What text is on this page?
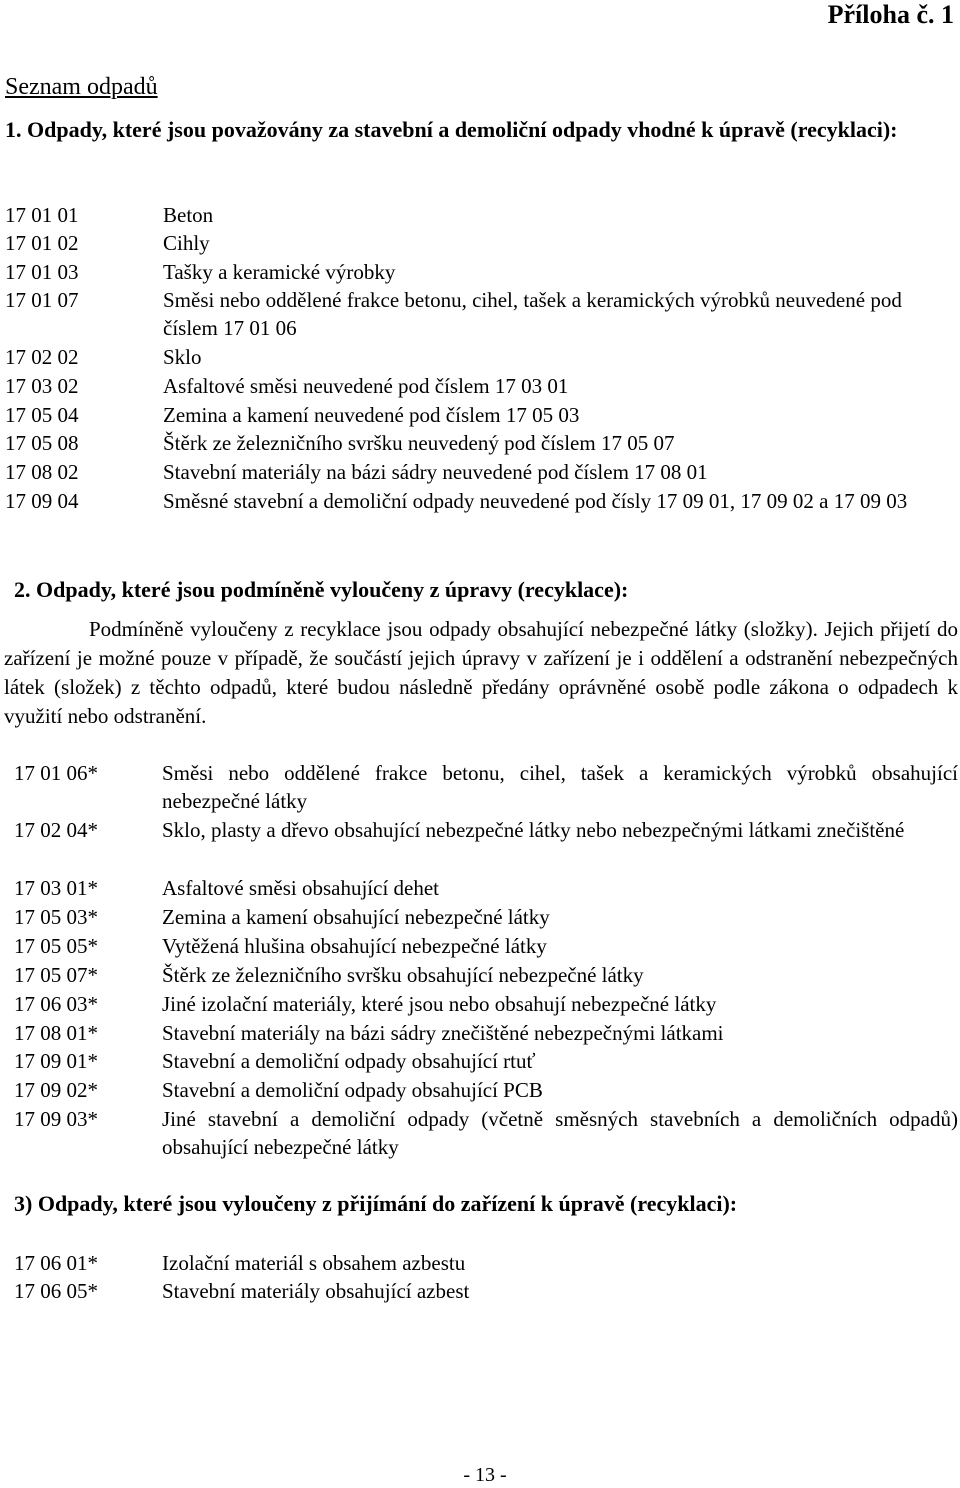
Příloha č. 1
Seznam odpadů
1. Odpady, které jsou považovány za stavební a demoliční odpady vhodné k úpravě (recyklaci):
17 01 01	Beton
17 01 02	Cihly
17 01 03	Tašky a keramické výrobky
17 01 07	Směsi nebo oddělené frakce betonu, cihel, tašek a keramických výrobků neuvedené pod číslem 17 01 06
17 02 02	Sklo
17 03 02	Asfaltové směsi neuvedené pod číslem 17 03 01
17 05 04	Zemina a kamení neuvedené pod číslem 17 05 03
17 05 08	Štěrk ze železničního svršku neuvedený pod číslem 17 05 07
17 08 02	Stavební materiály na bázi sádry neuvedené pod číslem 17 08 01
17 09 04	Směsné stavební a demoliční odpady neuvedené pod čísly 17 09 01, 17 09 02 a 17 09 03
2. Odpady, které jsou podmíněně vyloučeny z úpravy (recyklace):
Podmíněně vyloučeny z recyklace jsou odpady obsahující nebezpečné látky (složky). Jejich přijetí do zařízení je možné pouze v případě, že součástí jejich úpravy v zařízení je i oddělení a odstranění nebezpečných látek (složek) z těchto odpadů, které budou následně předány oprávněné osobě podle zákona o odpadech k využití nebo odstranění.
17 01 06*	Směsi nebo oddělené frakce betonu, cihel, tašek a keramických výrobků obsahující nebezpečné látky
17 02 04*	Sklo, plasty a dřevo obsahující nebezpečné látky nebo nebezpečnými látkami znečištěné
17 03 01*	Asfaltové směsi obsahující dehet
17 05 03*	Zemina a kamení obsahující nebezpečné látky
17 05 05*	Vytěžená hlušina obsahující nebezpečné látky
17 05 07*	Štěrk ze železničního svršku obsahující nebezpečné látky
17 06 03*	Jiné izolační materiály, které jsou nebo obsahují nebezpečné látky
17 08 01*	Stavební materiály na bázi sádry znečištěné nebezpečnými látkami
17 09 01*	Stavební a demoliční odpady obsahující rtuť
17 09 02*	Stavební a demoliční odpady obsahující PCB
17 09 03*	Jiné stavební a demoliční odpady (včetně směsných stavebních a demoličních odpadů) obsahující nebezpečné látky
3) Odpady, které jsou vyloučeny z přijímání do zařízení k úpravě (recyklaci):
17 06 01*	Izolační materiál s obsahem azbestu
17 06 05*	Stavební materiály obsahující azbest
- 13 -
